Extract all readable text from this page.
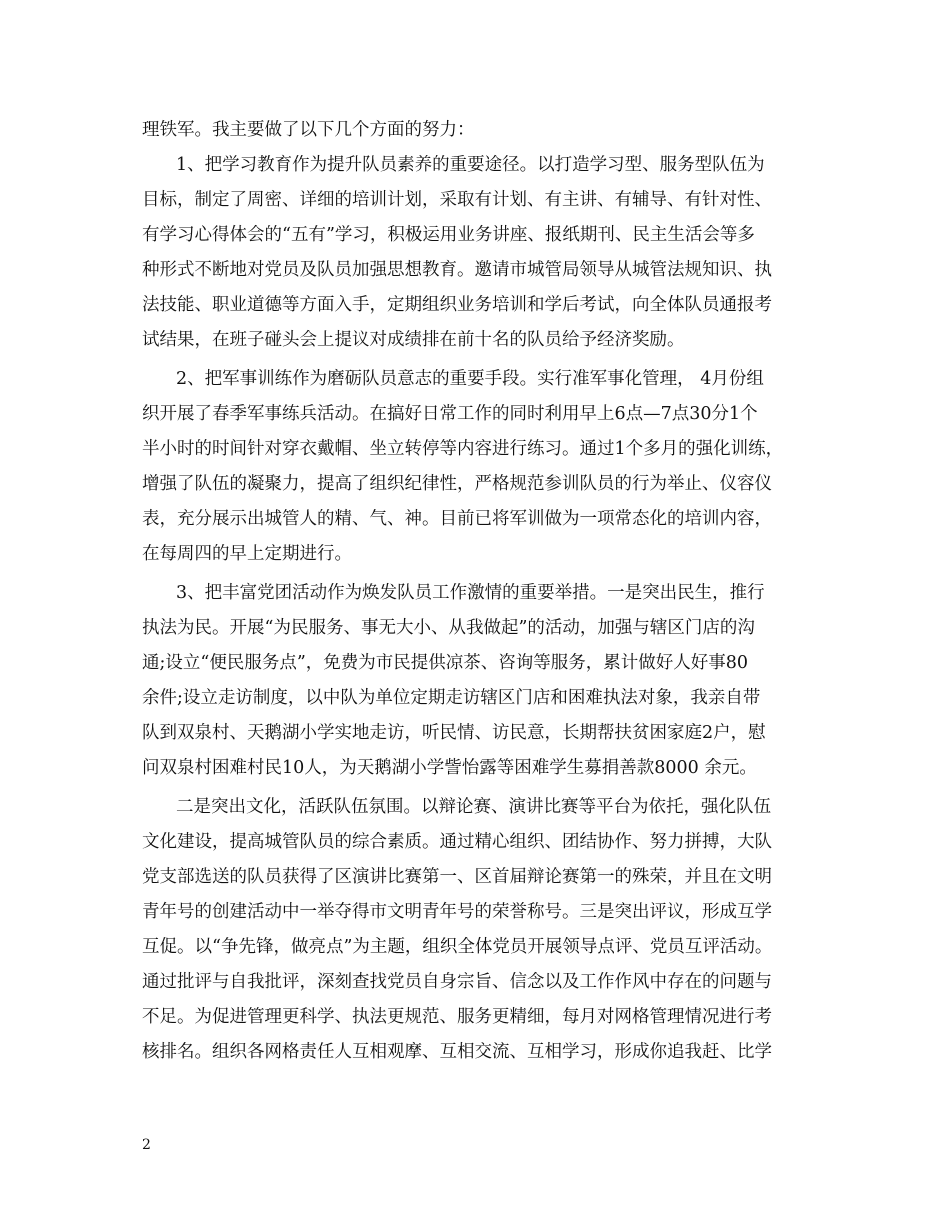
理铁军。我主要做了以下几个方面的努力：
1、把学习教育作为提升队员素养的重要途径。以打造学习型、服务型队伍为
目标，制定了周密、详细的培训计划，采取有计划、有主讲、有辅导、有针对性、
有学习心得体会的“五有”学习，积极运用业务讲座、报纸期刊、民主生活会等多
种形式不断地对党员及队员加强思想教育。邀请市城管局领导从城管法规知识、执
法技能、职业道德等方面入手，定期组织业务培训和学后考试，向全体队员通报考
试结果，在班子碰头会上提议对成绩排在前十名的队员给予经济奖励。
2、把军事训练作为磨砺队员意志的重要手段。实行准军事化管理， 4月份组
织开展了春季军事练兵活动。在搞好日常工作的同时利用早上6点—7点30分1个
半小时的时间针对穿衣戴帽、坐立转停等内容进行练习。通过1个多月的强化训练，
增强了队伍的凝聚力，提高了组织纪律性，严格规范参训队员的行为举止、仪容仪
表，充分展示出城管人的精、气、神。目前已将军训做为一项常态化的培训内容，
在每周四的早上定期进行。
3、把丰富党团活动作为焕发队员工作激情的重要举措。一是突出民生，推行
执法为民。开展“为民服务、事无大小、从我做起”的活动，加强与辖区门店的沟
通;设立“便民服务点”，免费为市民提供凉茶、咨询等服务，累计做好人好事80
余件;设立走访制度，以中队为单位定期走访辖区门店和困难执法对象，我亲自带
队到双泉村、天鹅湖小学实地走访，听民情、访民意，长期帮扶贫困家庭2户，慰
问双泉村困难村民10人，为天鹅湖小学訾怡露等困难学生募捐善款8000 余元。
二是突出文化，活跃队伍氛围。以辩论赛、演讲比赛等平台为依托，强化队伍
文化建设，提高城管队员的综合素质。通过精心组织、团结协作、努力拼搏，大队
党支部选送的队员获得了区演讲比赛第一、区首届辩论赛第一的殊荣，并且在文明
青年号的创建活动中一举夺得市文明青年号的荣誉称号。三是突出评议，形成互学
互促。以“争先锋，做亮点”为主题，组织全体党员开展领导点评、党员互评活动。
通过批评与自我批评，深刻查找党员自身宗旨、信念以及工作作风中存在的问题与
不足。为促进管理更科学、执法更规范、服务更精细，每月对网格管理情况进行考
核排名。组织各网格责任人互相观摩、互相交流、互相学习，形成你追我赶、比学
2
